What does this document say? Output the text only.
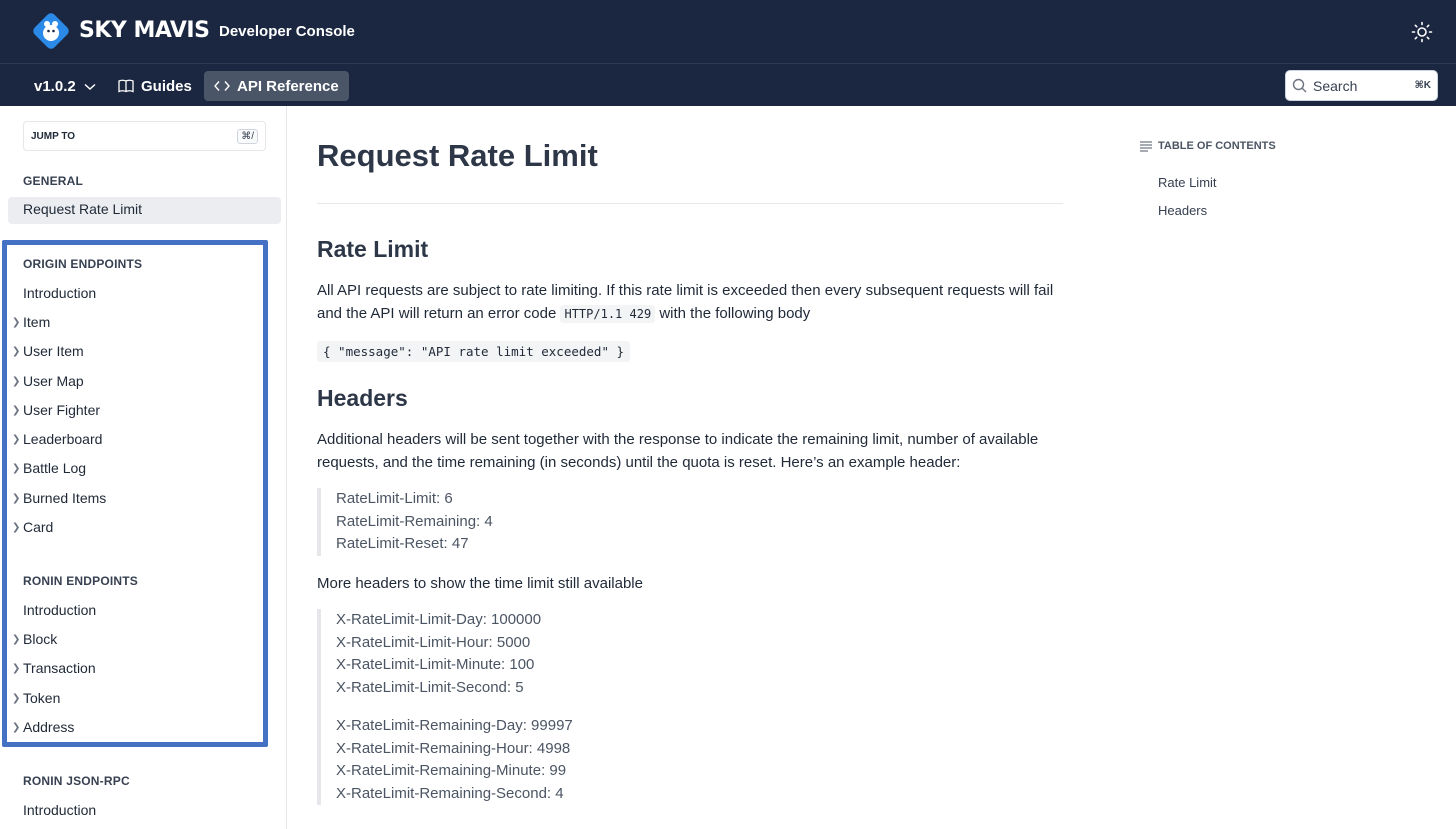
SKY MAVIS Developer Console
v1.0.2	Guides	API Reference	Search	⌘K
JUMP TO	⌘/
GENERAL
Request Rate Limit
ORIGIN ENDPOINTS
Introduction
❯ Item
❯ User Item
❯ User Map
❯ User Fighter
❯ Leaderboard
❯ Battle Log
❯ Burned Items
❯ Card
RONIN ENDPOINTS
Introduction
❯ Block
❯ Transaction
❯ Token
❯ Address
RONIN JSON-RPC
Introduction
Request Rate Limit
Rate Limit
All API requests are subject to rate limiting. If this rate limit is exceeded then every subsequent requests will fail and the API will return an error code HTTP/1.1 429 with the following body
{ "message": "API rate limit exceeded" }
Headers
Additional headers will be sent together with the response to indicate the remaining limit, number of available requests, and the time remaining (in seconds) until the quota is reset. Here’s an example header:
RateLimit-Limit: 6
RateLimit-Remaining: 4
RateLimit-Reset: 47
More headers to show the time limit still available
X-RateLimit-Limit-Day: 100000
X-RateLimit-Limit-Hour: 5000
X-RateLimit-Limit-Minute: 100
X-RateLimit-Limit-Second: 5
X-RateLimit-Remaining-Day: 99997
X-RateLimit-Remaining-Hour: 4998
X-RateLimit-Remaining-Minute: 99
X-RateLimit-Remaining-Second: 4
TABLE OF CONTENTS
Rate Limit
Headers
